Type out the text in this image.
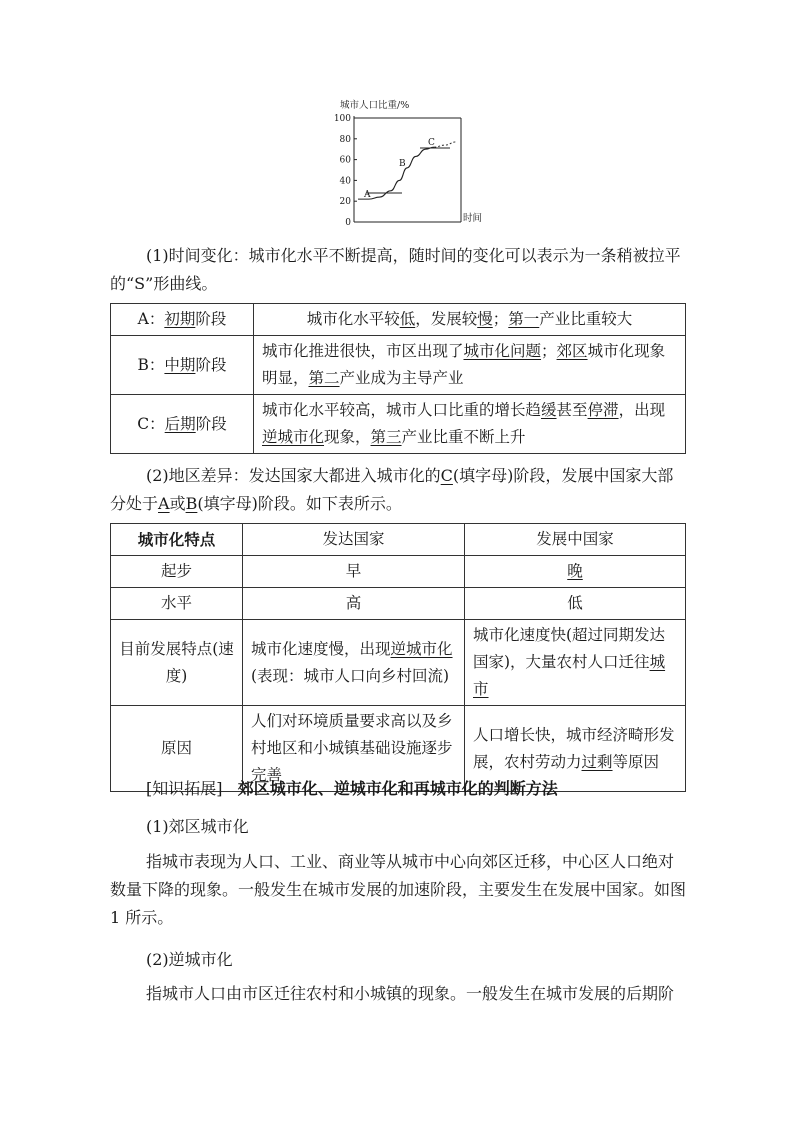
城市人口比重/%
0
20
40
60
80
100
时间
A
B
C

(1)时间变化：城市化水平不断提高，随时间的变化可以表示为一条稍被拉平的“S”形曲线。

A：初期阶段	城市化水平较低，发展较慢；第一产业比重较大
B：中期阶段	城市化推进很快，市区出现了城市化问题；郊区城市化现象明显，第二产业成为主导产业
C：后期阶段	城市化水平较高，城市人口比重的增长趋缓甚至停滞，出现逆城市化现象，第三产业比重不断上升

(2)地区差异：发达国家大都进入城市化的C(填字母)阶段，发展中国家大部分处于A或B(填字母)阶段。如下表所示。

城市化特点	发达国家	发展中国家
起步	早	晚
水平	高	低
目前发展特点(速度)	城市化速度慢，出现逆城市化(表现：城市人口向乡村回流)	城市化速度快(超过同期发达国家)，大量农村人口迁往城市
原因	人们对环境质量要求高以及乡村地区和小城镇基础设施逐步完善	人口增长快，城市经济畸形发展，农村劳动力过剩等原因

[知识拓展] 郊区城市化、逆城市化和再城市化的判断方法

(1)郊区城市化

指城市表现为人口、工业、商业等从城市中心向郊区迁移，中心区人口绝对数量下降的现象。一般发生在城市发展的加速阶段，主要发生在发展中国家。如图 1 所示。

(2)逆城市化

指城市人口由市区迁往农村和小城镇的现象。一般发生在城市发展的后期阶
